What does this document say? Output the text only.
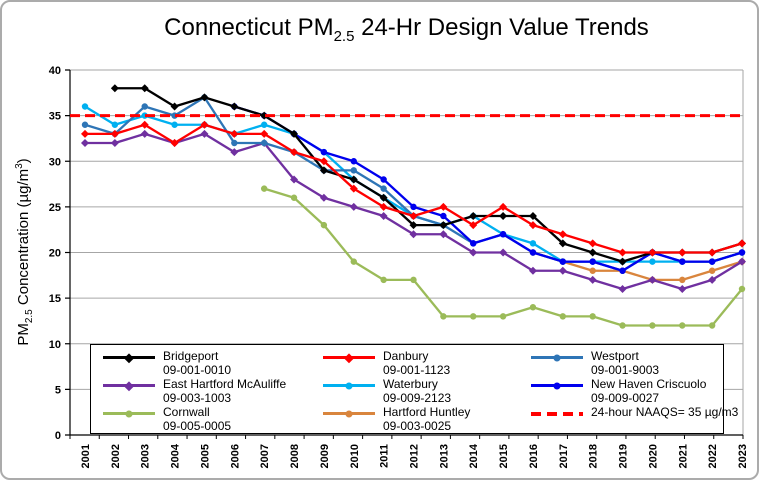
Connecticut $PM_{2.5}$ 24-Hr Design Value Trends
$PM_{2.5}$ Concentration $(\mu g/m^3)$
0
5
10
15
20
25
30
35
40
2001 2002 2003 2004 2005 2006 2007 2008 2009 2010 2011 2012 2013 2014 2015 2016 2017 2018 2019 2020 2021 2022 2023
Bridgeport
09-001-0010
Danbury
09-001-1123
Westport
09-001-9003
East Hartford McAuliffe
09-003-1003
Waterbury
09-009-2123
New Haven Criscuolo
09-009-0027
Cornwall
09-005-0005
Hartford Huntley
09-003-0025
24-hour NAAQS= 35 µg/m3
